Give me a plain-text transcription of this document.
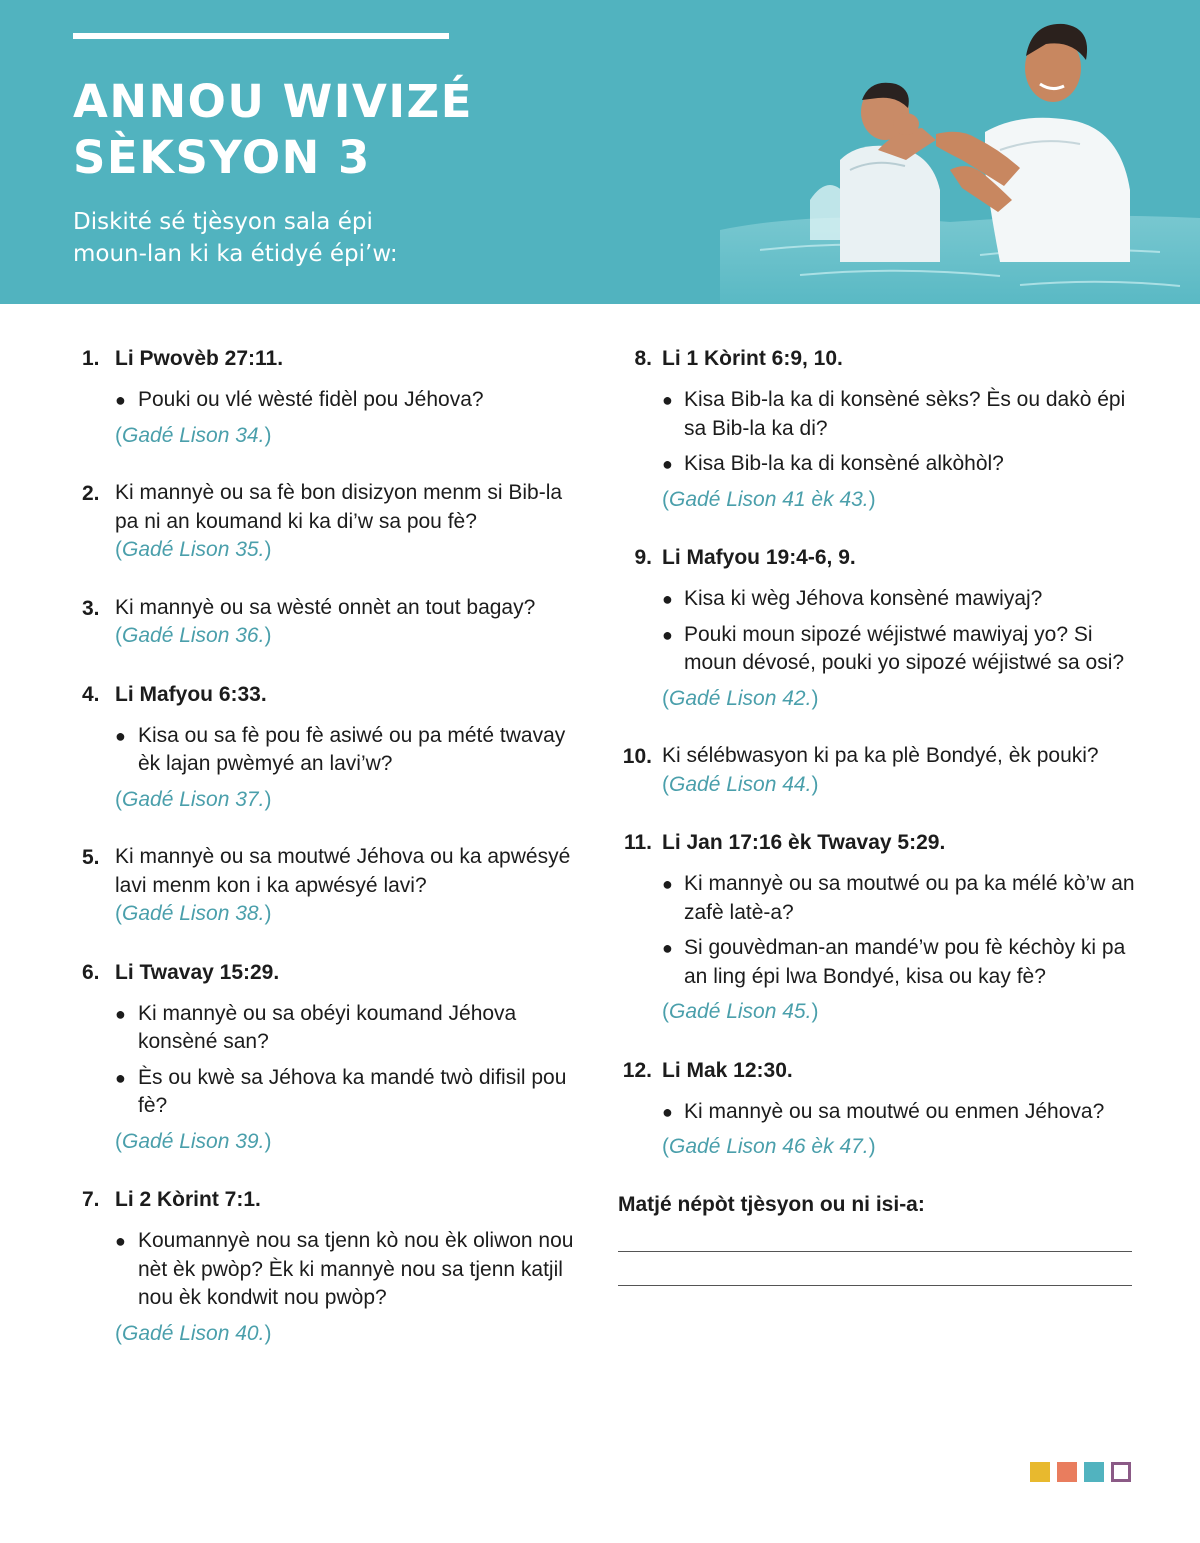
ANNOU WIVIZÉ
SÈKSYON 3

Diskité sé tjèsyon sala épi
moun-lan ki ka étidyé épi’w:

1. Li Pwovèb 27:11.

● Pouki ou vlé wèsté fidèl pou Jéhova?
(Gadé Lison 34.)
2. Ki mannyè ou sa fè bon disizyon menm si Bib-la pa ni an koumand ki ka di’w sa pou fè?
(Gadé Lison 35.)
3. Ki mannyè ou sa wèsté onnèt an tout bagay?
(Gadé Lison 36.)
4. Li Mafyou 6:33.

● Kisa ou sa fè pou fè asiwé ou pa mété twavay èk lajan pwèmyé an lavi’w?
(Gadé Lison 37.)
5. Ki mannyè ou sa moutwé Jéhova ou ka apwésyé lavi menm kon i ka apwésyé lavi?
(Gadé Lison 38.)
6. Li Twavay 15:29.

● Ki mannyè ou sa obéyi koumand Jéhova konsèné san?
● Ès ou kwè sa Jéhova ka mandé twò difisil pou fè?
(Gadé Lison 39.)
7. Li 2 Kòrint 7:1.

● Koumannyè nou sa tjenn kò nou èk oliwon nou nèt èk pwòp? Èk ki mannyè nou sa tjenn katjil nou èk kondwit nou pwòp?
(Gadé Lison 40.)
8. Li 1 Kòrint 6:9, 10.

● Kisa Bib-la ka di konsèné sèks? Ès ou dakò épi sa Bib-la ka di?
● Kisa Bib-la ka di konsèné alkòhòl?
(Gadé Lison 41 èk 43.)
9. Li Mafyou 19:4-6, 9.

● Kisa ki wèg Jéhova konsèné mawiyaj?
● Pouki moun sipozé wéjistwé mawiyaj yo? Si moun dévosé, pouki yo sipozé wéjistwé sa osi?
(Gadé Lison 42.)
10. Ki sélébwasyon ki pa ka plè Bondyé, èk pouki?
(Gadé Lison 44.)
11. Li Jan 17:16 èk Twavay 5:29.

● Ki mannyè ou sa moutwé ou pa ka mélé kò’w an zafè latè-a?
● Si gouvèdman-an mandé’w pou fè kéchòy ki pa an ling épi lwa Bondyé, kisa ou kay fè?
(Gadé Lison 45.)
12. Li Mak 12:30.

● Ki mannyè ou sa moutwé ou enmen Jéhova?
(Gadé Lison 46 èk 47.)
Matjé népòt tjèsyon ou ni isi-a:
